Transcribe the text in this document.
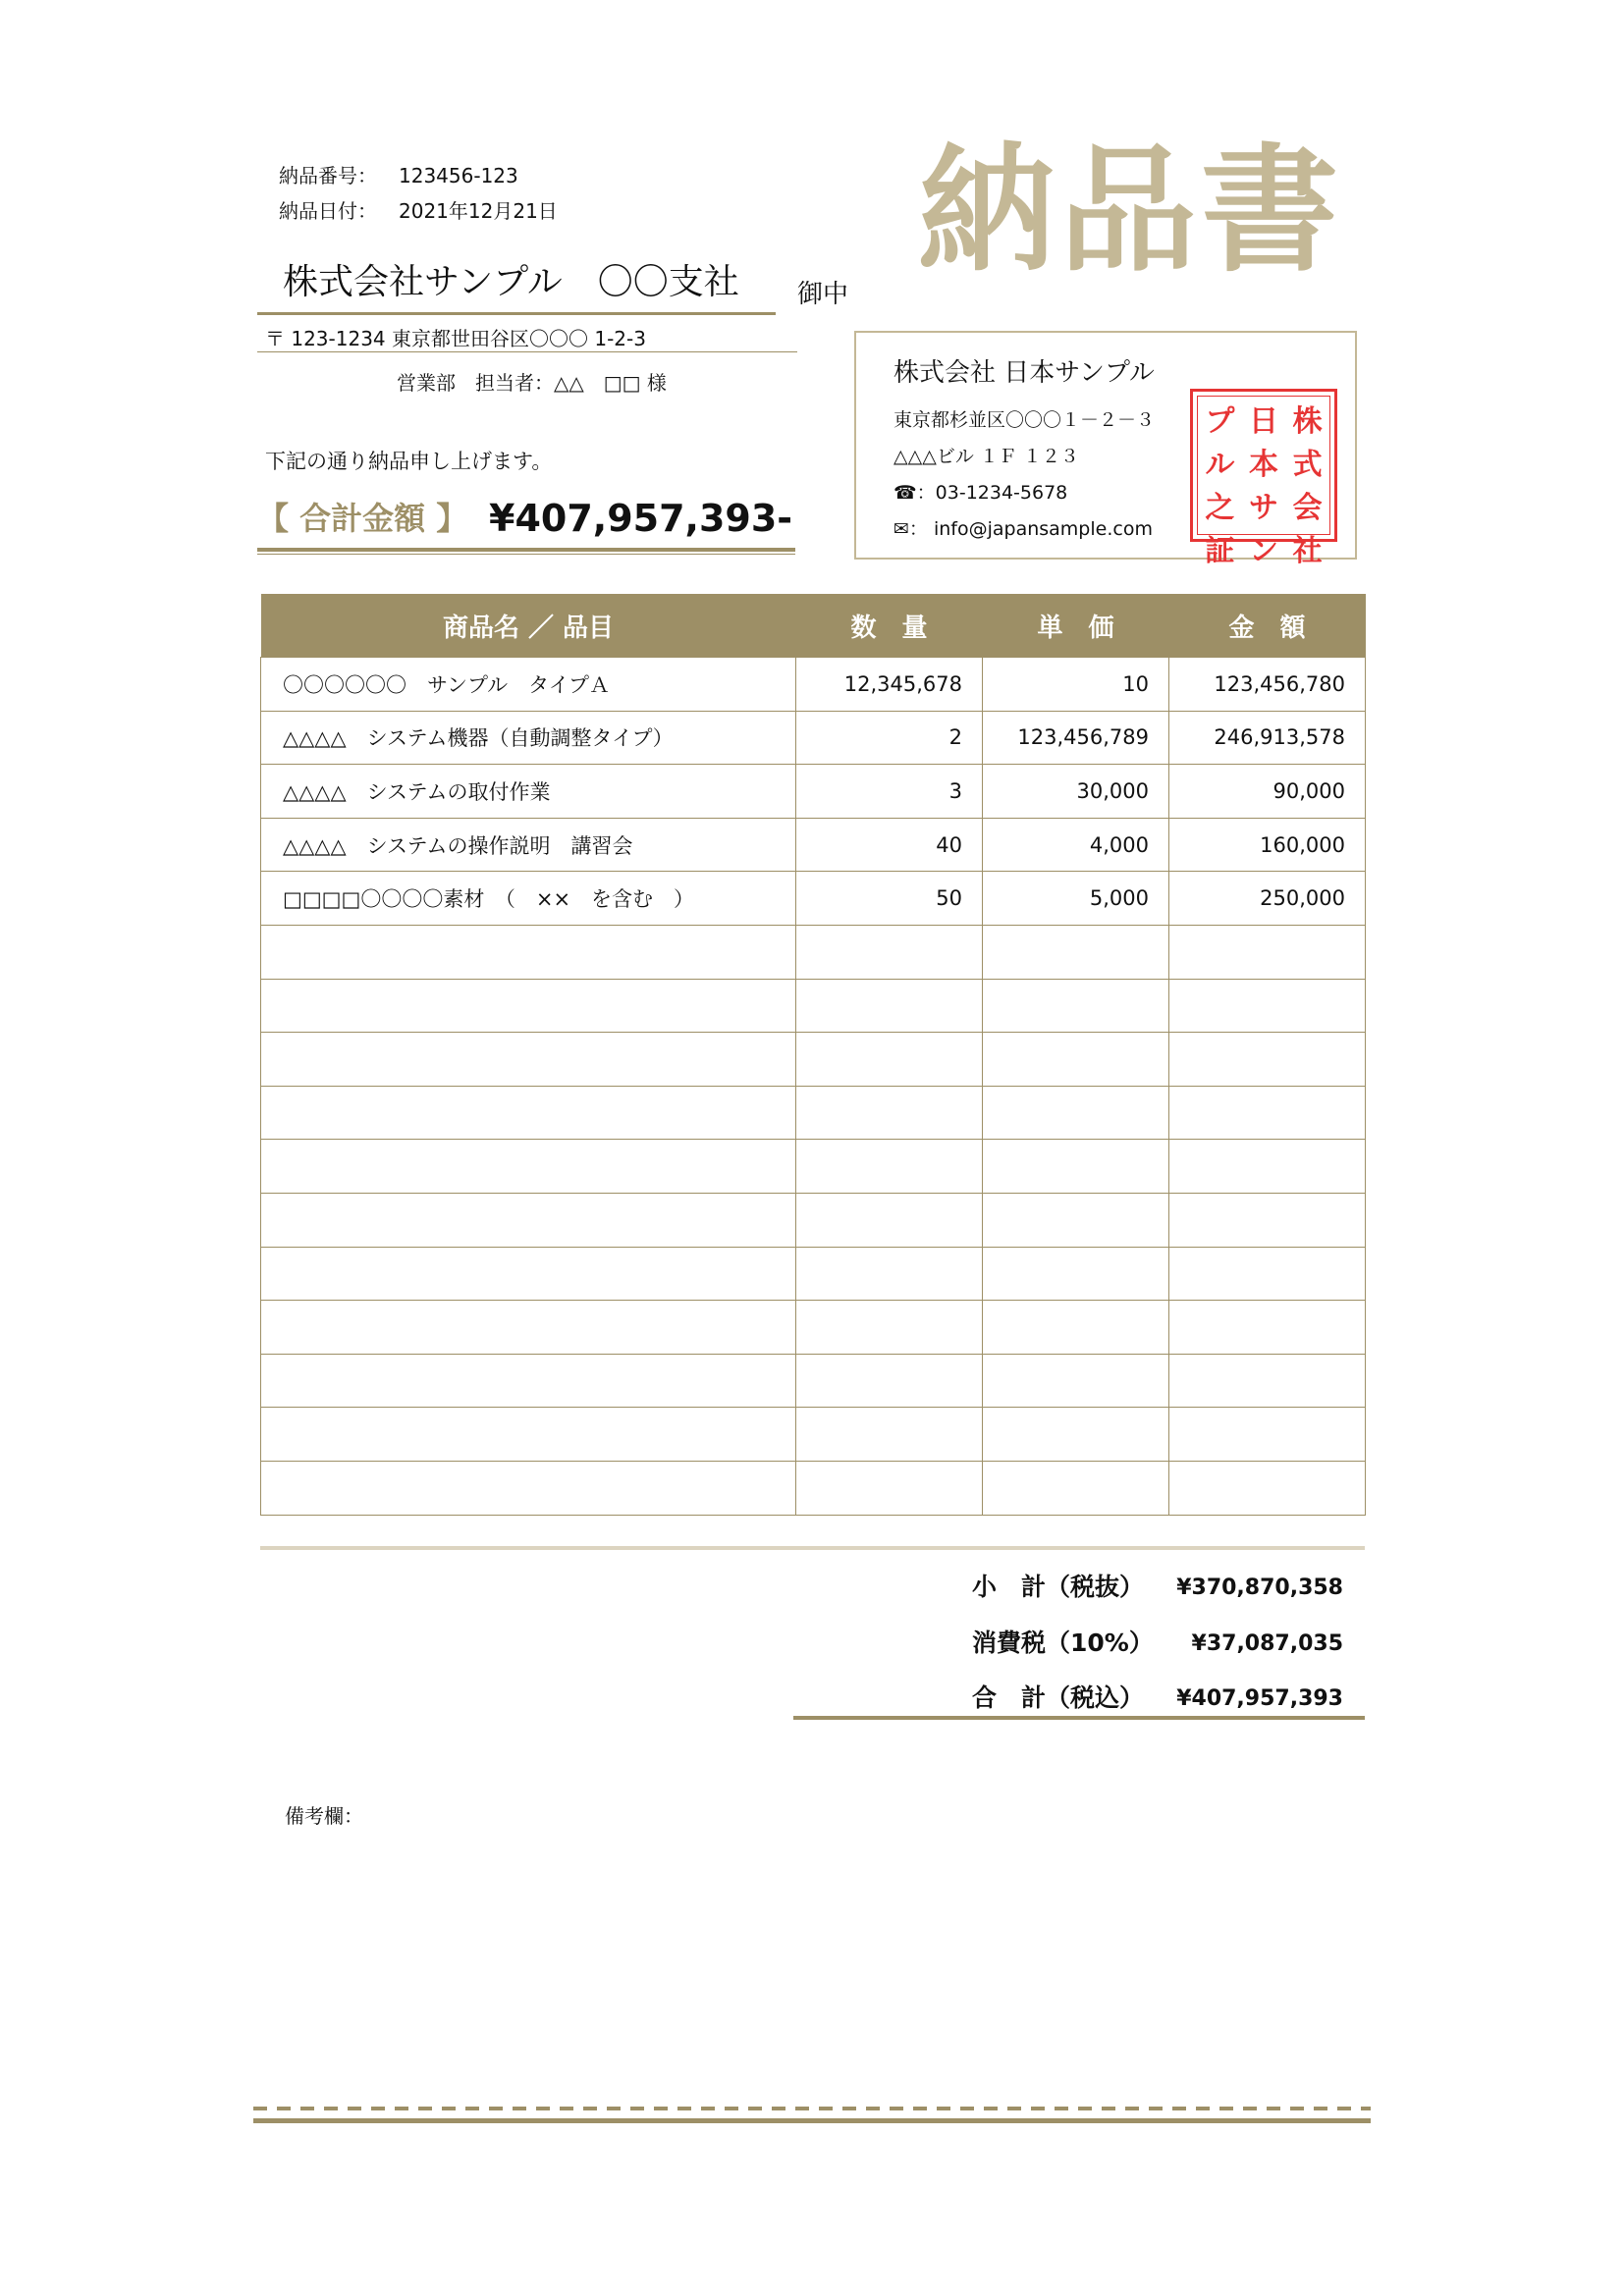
納品番号： 123456-123
納品日付： 2021年12月21日	納品書
株式会社サンプル　〇〇支社 御中
〒 123-1234 東京都世田谷区〇〇〇 1-2-3
営業部　担当者：△△　□□ 様
下記の通り納品申し上げます。
【 合計金額 】 ¥407,957,393-
株式会社 日本サンプル
東京都杉並区〇〇〇１－２－３
△△△ビル １Ｆ １２３
☎：03-1234-5678
✉： info@japansample.com
株
式
会
社
日
本
サ
ン
プ
ル
之
証
商品名 ／ 品目	数　量	単　価	金　額
〇〇〇〇〇〇　サンプル　タイプＡ	12,345,678	10	123,456,780
△△△△　システム機器（自動調整タイプ）	2	123,456,789	246,913,578
△△△△　システムの取付作業	3	30,000	90,000
△△△△　システムの操作説明　講習会	40	4,000	160,000
□□□□〇〇〇〇素材　（　××　を含む　）	50	5,000	250,000

小　計（税抜）	¥370,870,358
消費税（10%）	¥37,087,035
合　計（税込）	¥407,957,393
備考欄：
